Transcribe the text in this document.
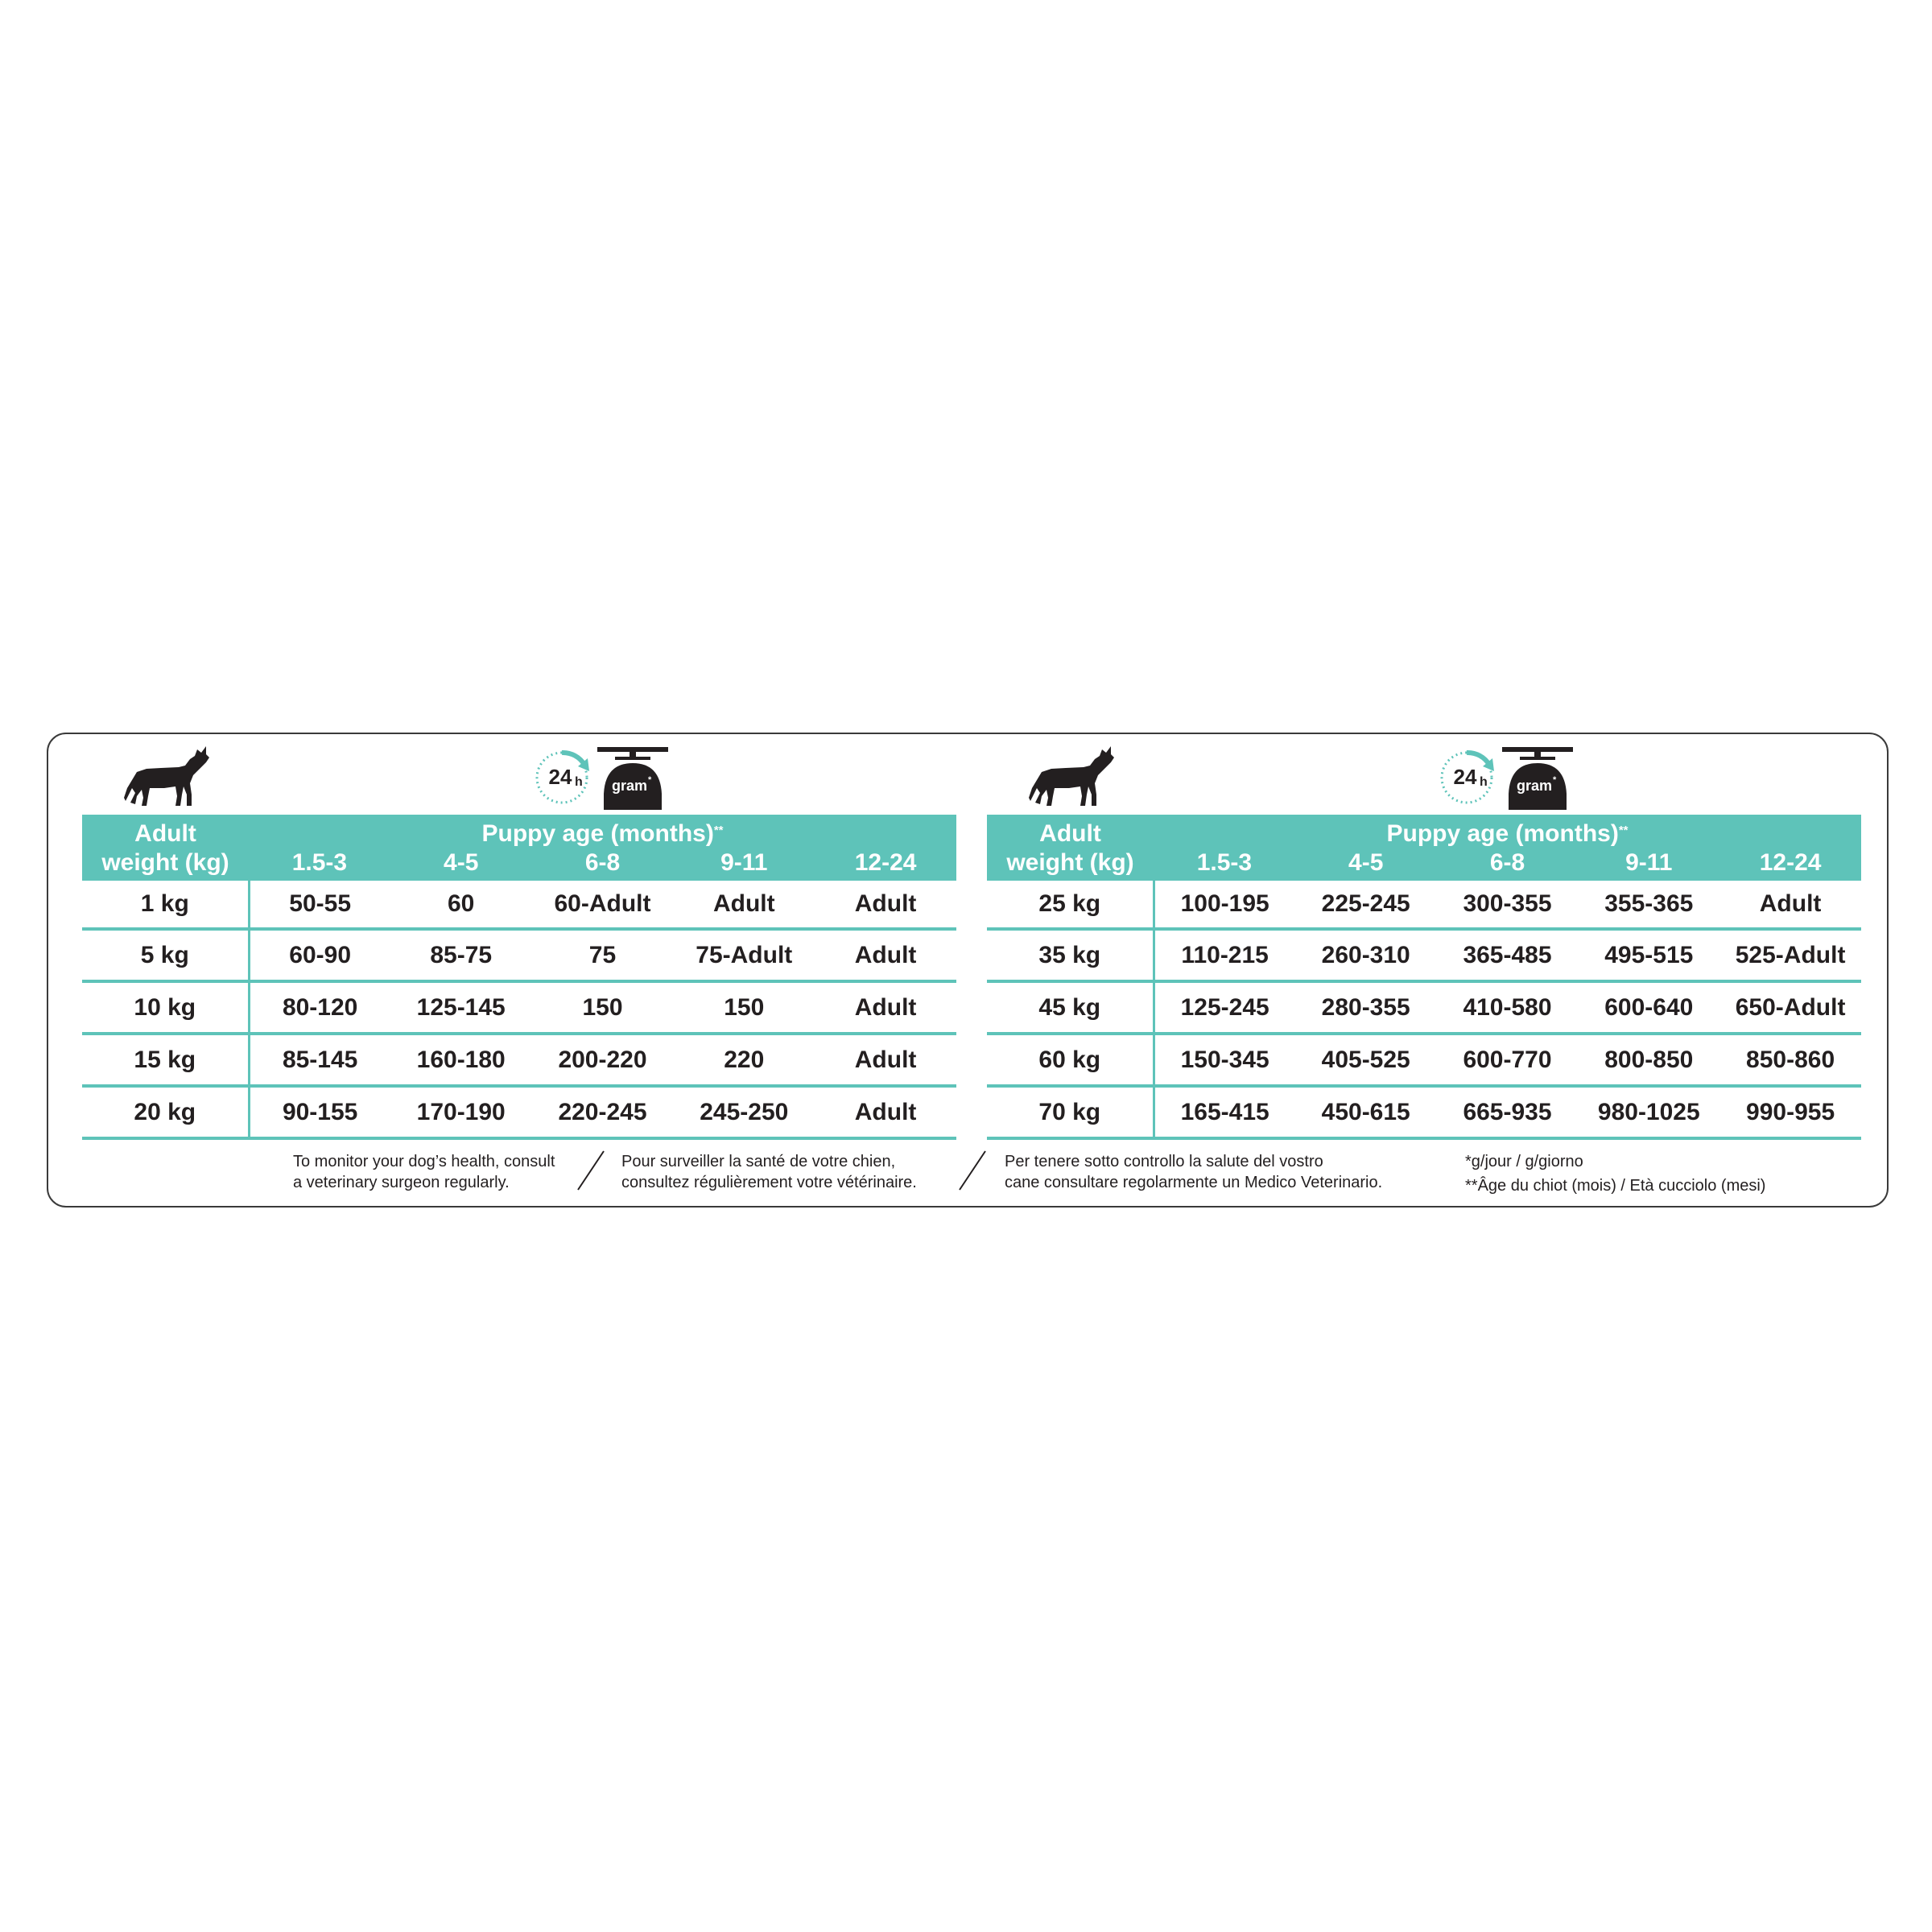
24 h gram *
Adult	Puppy age (months)**
weight (kg)	1.5-3	4-5	6-8	9-11	12-24
1 kg	50-55	60	60-Adult	Adult	Adult
5 kg	60-90	85-75	75	75-Adult	Adult
10 kg	80-120	125-145	150	150	Adult
15 kg	85-145	160-180	200-220	220	Adult
20 kg	90-155	170-190	220-245	245-250	Adult
24 h gram *
Adult	Puppy age (months)**
weight (kg)	1.5-3	4-5	6-8	9-11	12-24
25 kg	100-195	225-245	300-355	355-365	Adult
35 kg	110-215	260-310	365-485	495-515	525-Adult
45 kg	125-245	280-355	410-580	600-640	650-Adult
60 kg	150-345	405-525	600-770	800-850	850-860
70 kg	165-415	450-615	665-935	980-1025	990-955
To monitor your dog’s health, consult
a veterinary surgeon regularly.
Pour surveiller la santé de votre chien,
consultez régulièrement votre vétérinaire.
Per tenere sotto controllo la salute del vostro
cane consultare regolarmente un Medico Veterinario.
*g/jour / g/giorno
**Âge du chiot (mois) / Età cucciolo (mesi)
